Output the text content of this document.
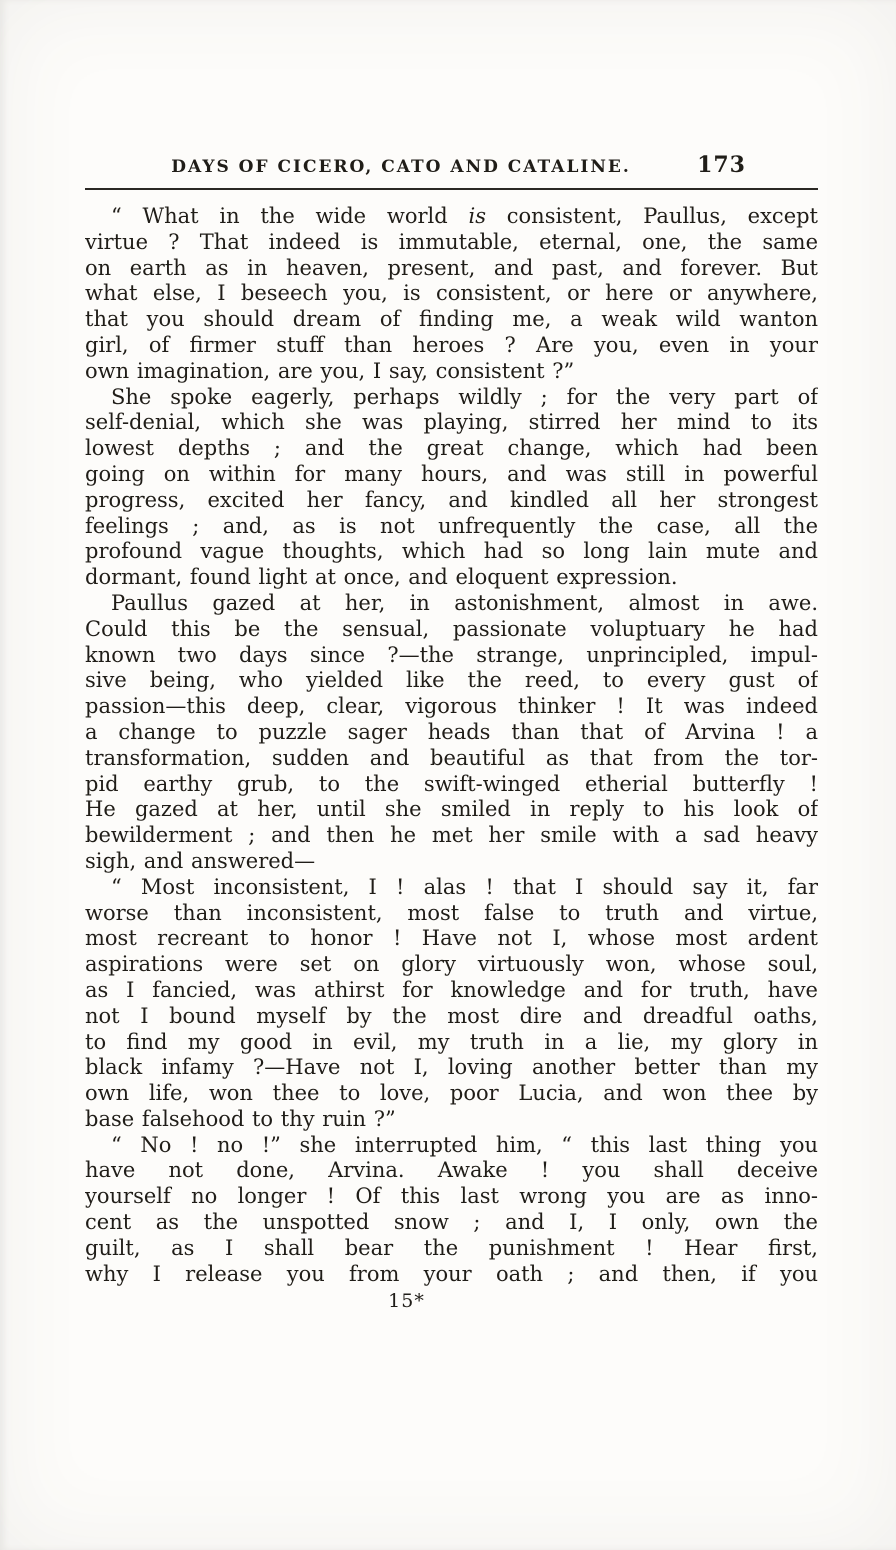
DAYS OF CICERO, CATO AND CATALINE.	173
“ What in the wide world is consistent, Paullus, except
virtue ? That indeed is immutable, eternal, one, the same
on earth as in heaven, present, and past, and forever. But
what else, I beseech you, is consistent, or here or anywhere,
that you should dream of finding me, a weak wild wanton
girl, of firmer stuff than heroes ? Are you, even in your
own imagination, are you, I say, consistent ?”
She spoke eagerly, perhaps wildly ; for the very part of
self-denial, which she was playing, stirred her mind to its
lowest depths ; and the great change, which had been
going on within for many hours, and was still in powerful
progress, excited her fancy, and kindled all her strongest
feelings ; and, as is not unfrequently the case, all the
profound vague thoughts, which had so long lain mute and
dormant, found light at once, and eloquent expression.
Paullus gazed at her, in astonishment, almost in awe.
Could this be the sensual, passionate voluptuary he had
known two days since ?—the strange, unprincipled, impul-
sive being, who yielded like the reed, to every gust of
passion—this deep, clear, vigorous thinker ! It was indeed
a change to puzzle sager heads than that of Arvina ! a
transformation, sudden and beautiful as that from the tor-
pid earthy grub, to the swift-winged etherial butterfly !
He gazed at her, until she smiled in reply to his look of
bewilderment ; and then he met her smile with a sad heavy
sigh, and answered—
“ Most inconsistent, I ! alas ! that I should say it, far
worse than inconsistent, most false to truth and virtue,
most recreant to honor ! Have not I, whose most ardent
aspirations were set on glory virtuously won, whose soul,
as I fancied, was athirst for knowledge and for truth, have
not I bound myself by the most dire and dreadful oaths,
to find my good in evil, my truth in a lie, my glory in
black infamy ?—Have not I, loving another better than my
own life, won thee to love, poor Lucia, and won thee by
base falsehood to thy ruin ?”
“ No ! no !” she interrupted him, “ this last thing you
have not done, Arvina. Awake ! you shall deceive
yourself no longer ! Of this last wrong you are as inno-
cent as the unspotted snow ; and I, I only, own the
guilt, as I shall bear the punishment ! Hear first,
why I release you from your oath ; and then, if you
15*
